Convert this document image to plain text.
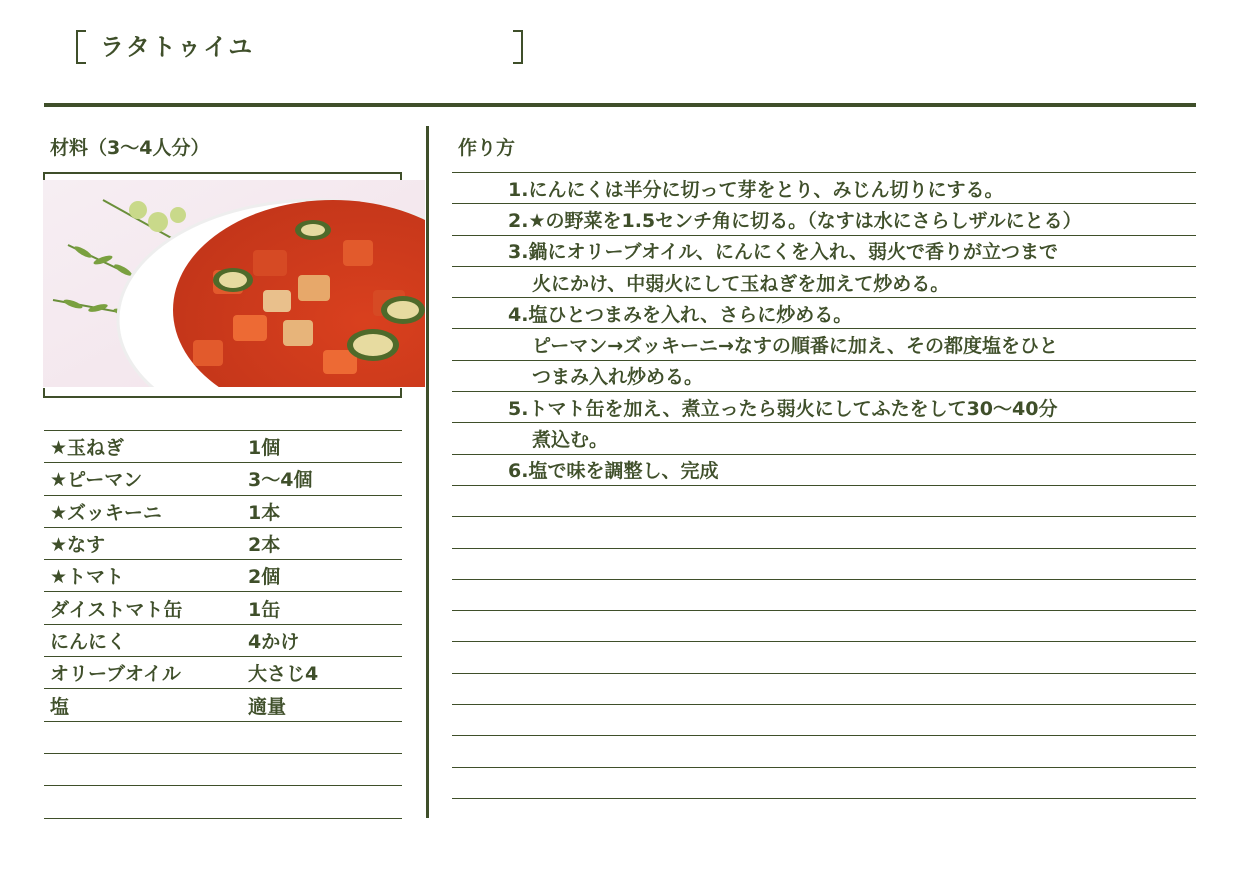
ラタトゥイユ
材料（3〜4人分）	作り方
★玉ねぎ	1個
★ピーマン	3〜4個
★ズッキーニ	1本
★なす	2本
★トマト	2個
ダイストマト缶	1缶
にんにく	4かけ
オリーブオイル	大さじ4
塩	適量
1.にんにくは半分に切って芽をとり、みじん切りにする。
2.★の野菜を1.5センチ角に切る。（なすは水にさらしザルにとる）
3.鍋にオリーブオイル、にんにくを入れ、弱火で香りが立つまで
火にかけ、中弱火にして玉ねぎを加えて炒める。
4.塩ひとつまみを入れ、さらに炒める。
ピーマン→ズッキーニ→なすの順番に加え、その都度塩をひと
つまみ入れ炒める。
5.トマト缶を加え、煮立ったら弱火にしてふたをして30〜40分
煮込む。
6.塩で味を調整し、完成
